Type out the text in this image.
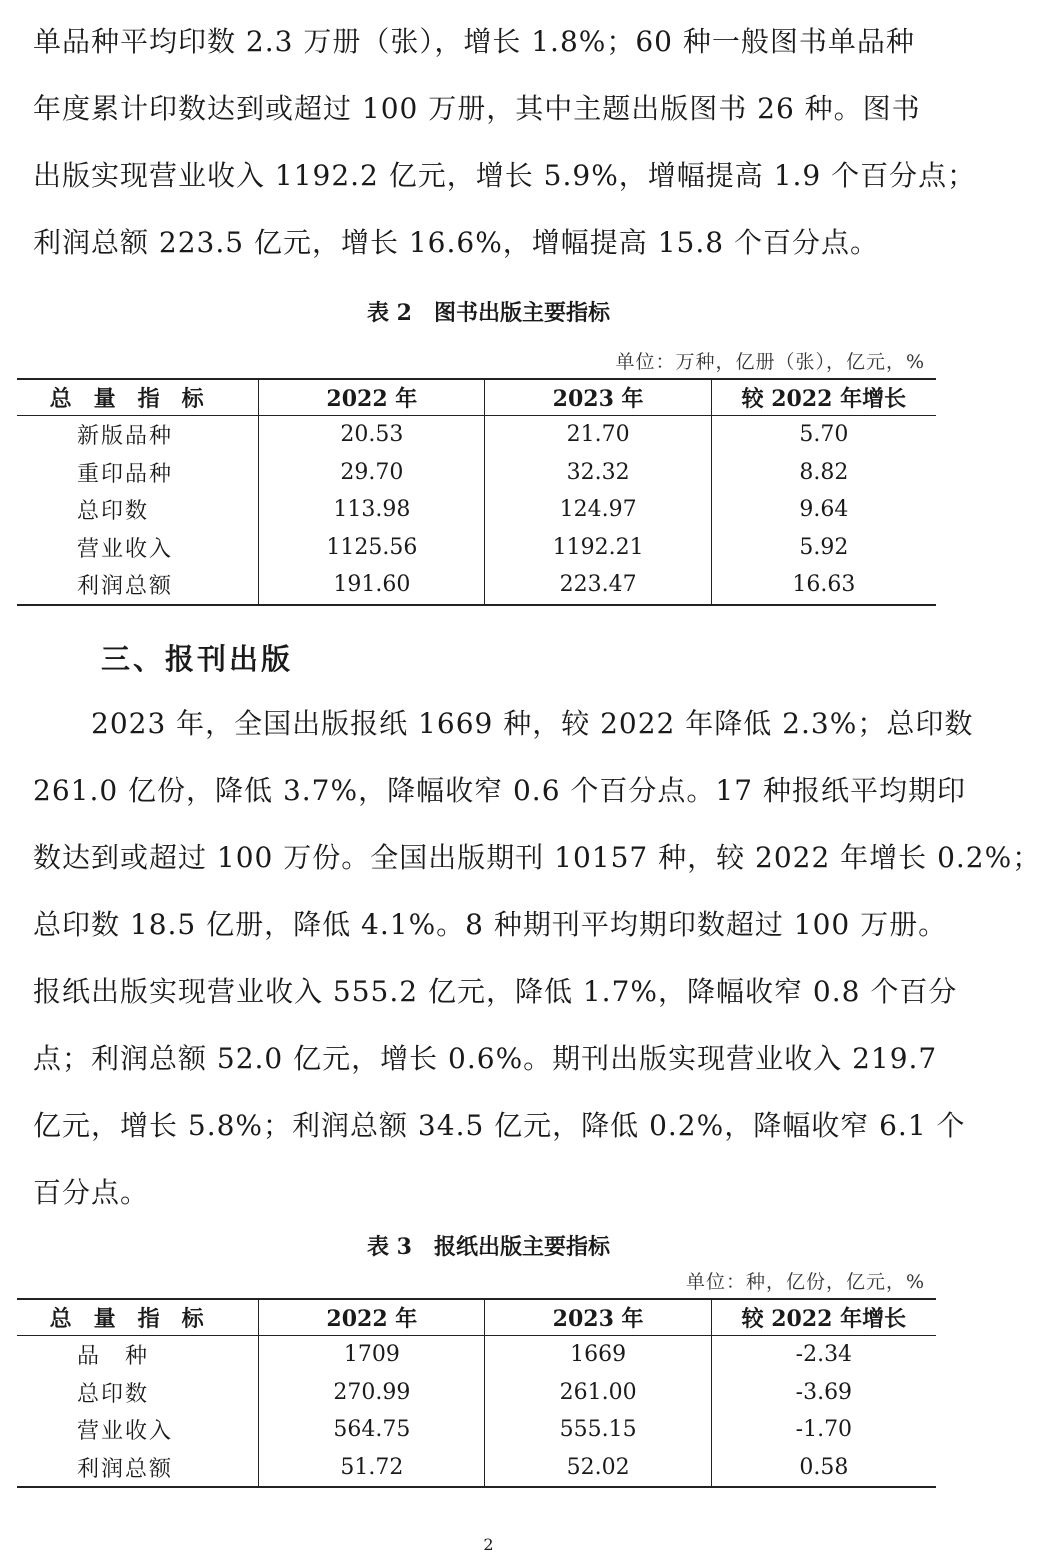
单品种平均印数 2.3 万册（张），增长 1.8%；60 种一般图书单品种
年度累计印数达到或超过 100 万册，其中主题出版图书 26 种。图书
出版实现营业收入 1192.2 亿元，增长 5.9%，增幅提高 1.9 个百分点；
利润总额 223.5 亿元，增长 16.6%，增幅提高 15.8 个百分点。
表 2　图书出版主要指标
单位：万种，亿册（张），亿元，%
总量指标	2022 年	2023 年	较 2022 年增长
新版品种	20.53	21.70	5.70
重印品种	29.70	32.32	8.82
总印数	113.98	124.97	9.64
营业收入	1125.56	1192.21	5.92
利润总额	191.60	223.47	16.63
三、报刊出版
　　2023 年，全国出版报纸 1669 种，较 2022 年降低 2.3%；总印数
261.0 亿份，降低 3.7%，降幅收窄 0.6 个百分点。17 种报纸平均期印
数达到或超过 100 万份。全国出版期刊 10157 种，较 2022 年增长 0.2%；
总印数 18.5 亿册，降低 4.1%。8 种期刊平均期印数超过 100 万册。
报纸出版实现营业收入 555.2 亿元，降低 1.7%，降幅收窄 0.8 个百分
点；利润总额 52.0 亿元，增长 0.6%。期刊出版实现营业收入 219.7
亿元，增长 5.8%；利润总额 34.5 亿元，降低 0.2%，降幅收窄 6.1 个
百分点。
表 3　报纸出版主要指标
单位：种，亿份，亿元，%
总量指标	2022 年	2023 年	较 2022 年增长
品　种	1709	1669	-2.34
总印数	270.99	261.00	-3.69
营业收入	564.75	555.15	-1.70
利润总额	51.72	52.02	0.58
2
